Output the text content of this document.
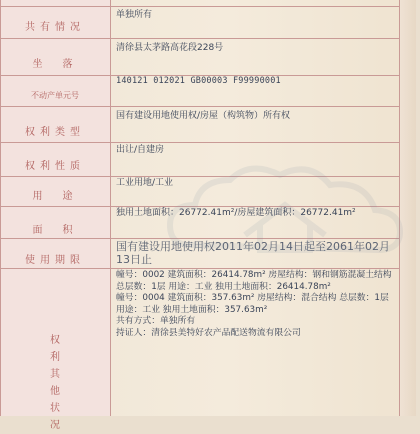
共有情况
单独所有
坐　落
清徐县太茅路高花段228号
不动产单元号
140121 012021 GB00003 F99990001
权利类型
国有建设用地使用权/房屋（构筑物）所有权
权利性质
出让/自建房
用　途
工业用地/工业
面　积
独用土地面积：26772.41m²/房屋建筑面积：26772.41m²
使用期限
国有建设用地使用权2011年02月14日起至2061年02月13日止
权利其他状况
幢号：0002 建筑面积：26414.78m² 房屋结构：钢和钢筋混凝土结构 总层数：1层 用途：工业 独用土地面积：26414.78m²
幢号：0004 建筑面积：357.63m² 房屋结构：混合结构 总层数：1层 用途：工业 独用土地面积：357.63m²
共有方式：单独所有
持证人：清徐县美特好农产品配送物流有限公司
